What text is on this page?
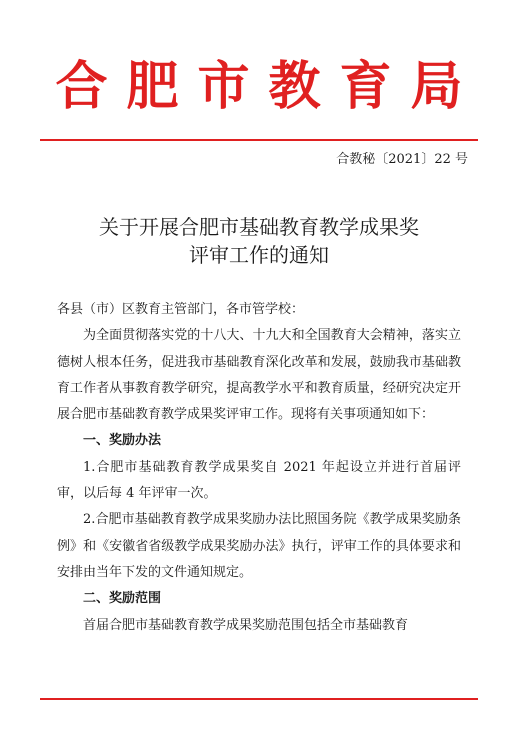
合肥市教育局
合教秘〔2021〕22 号
关于开展合肥市基础教育教学成果奖
评审工作的通知

各县（市）区教育主管部门，各市管学校：

为全面贯彻落实党的十八大、十九大和全国教育大会精神，落实立德树人根本任务，促进我市基础教育深化改革和发展，鼓励我市基础教育工作者从事教育教学研究，提高教学水平和教育质量，经研究决定开展合肥市基础教育教学成果奖评审工作。现将有关事项通知如下：

一、奖励办法

1.合肥市基础教育教学成果奖自 2021 年起设立并进行首届评审，以后每 4 年评审一次。

2.合肥市基础教育教学成果奖励办法比照国务院《教学成果奖励条例》和《安徽省省级教学成果奖励办法》执行，评审工作的具体要求和安排由当年下发的文件通知规定。

二、奖励范围

首届合肥市基础教育教学成果奖励范围包括全市基础教育
